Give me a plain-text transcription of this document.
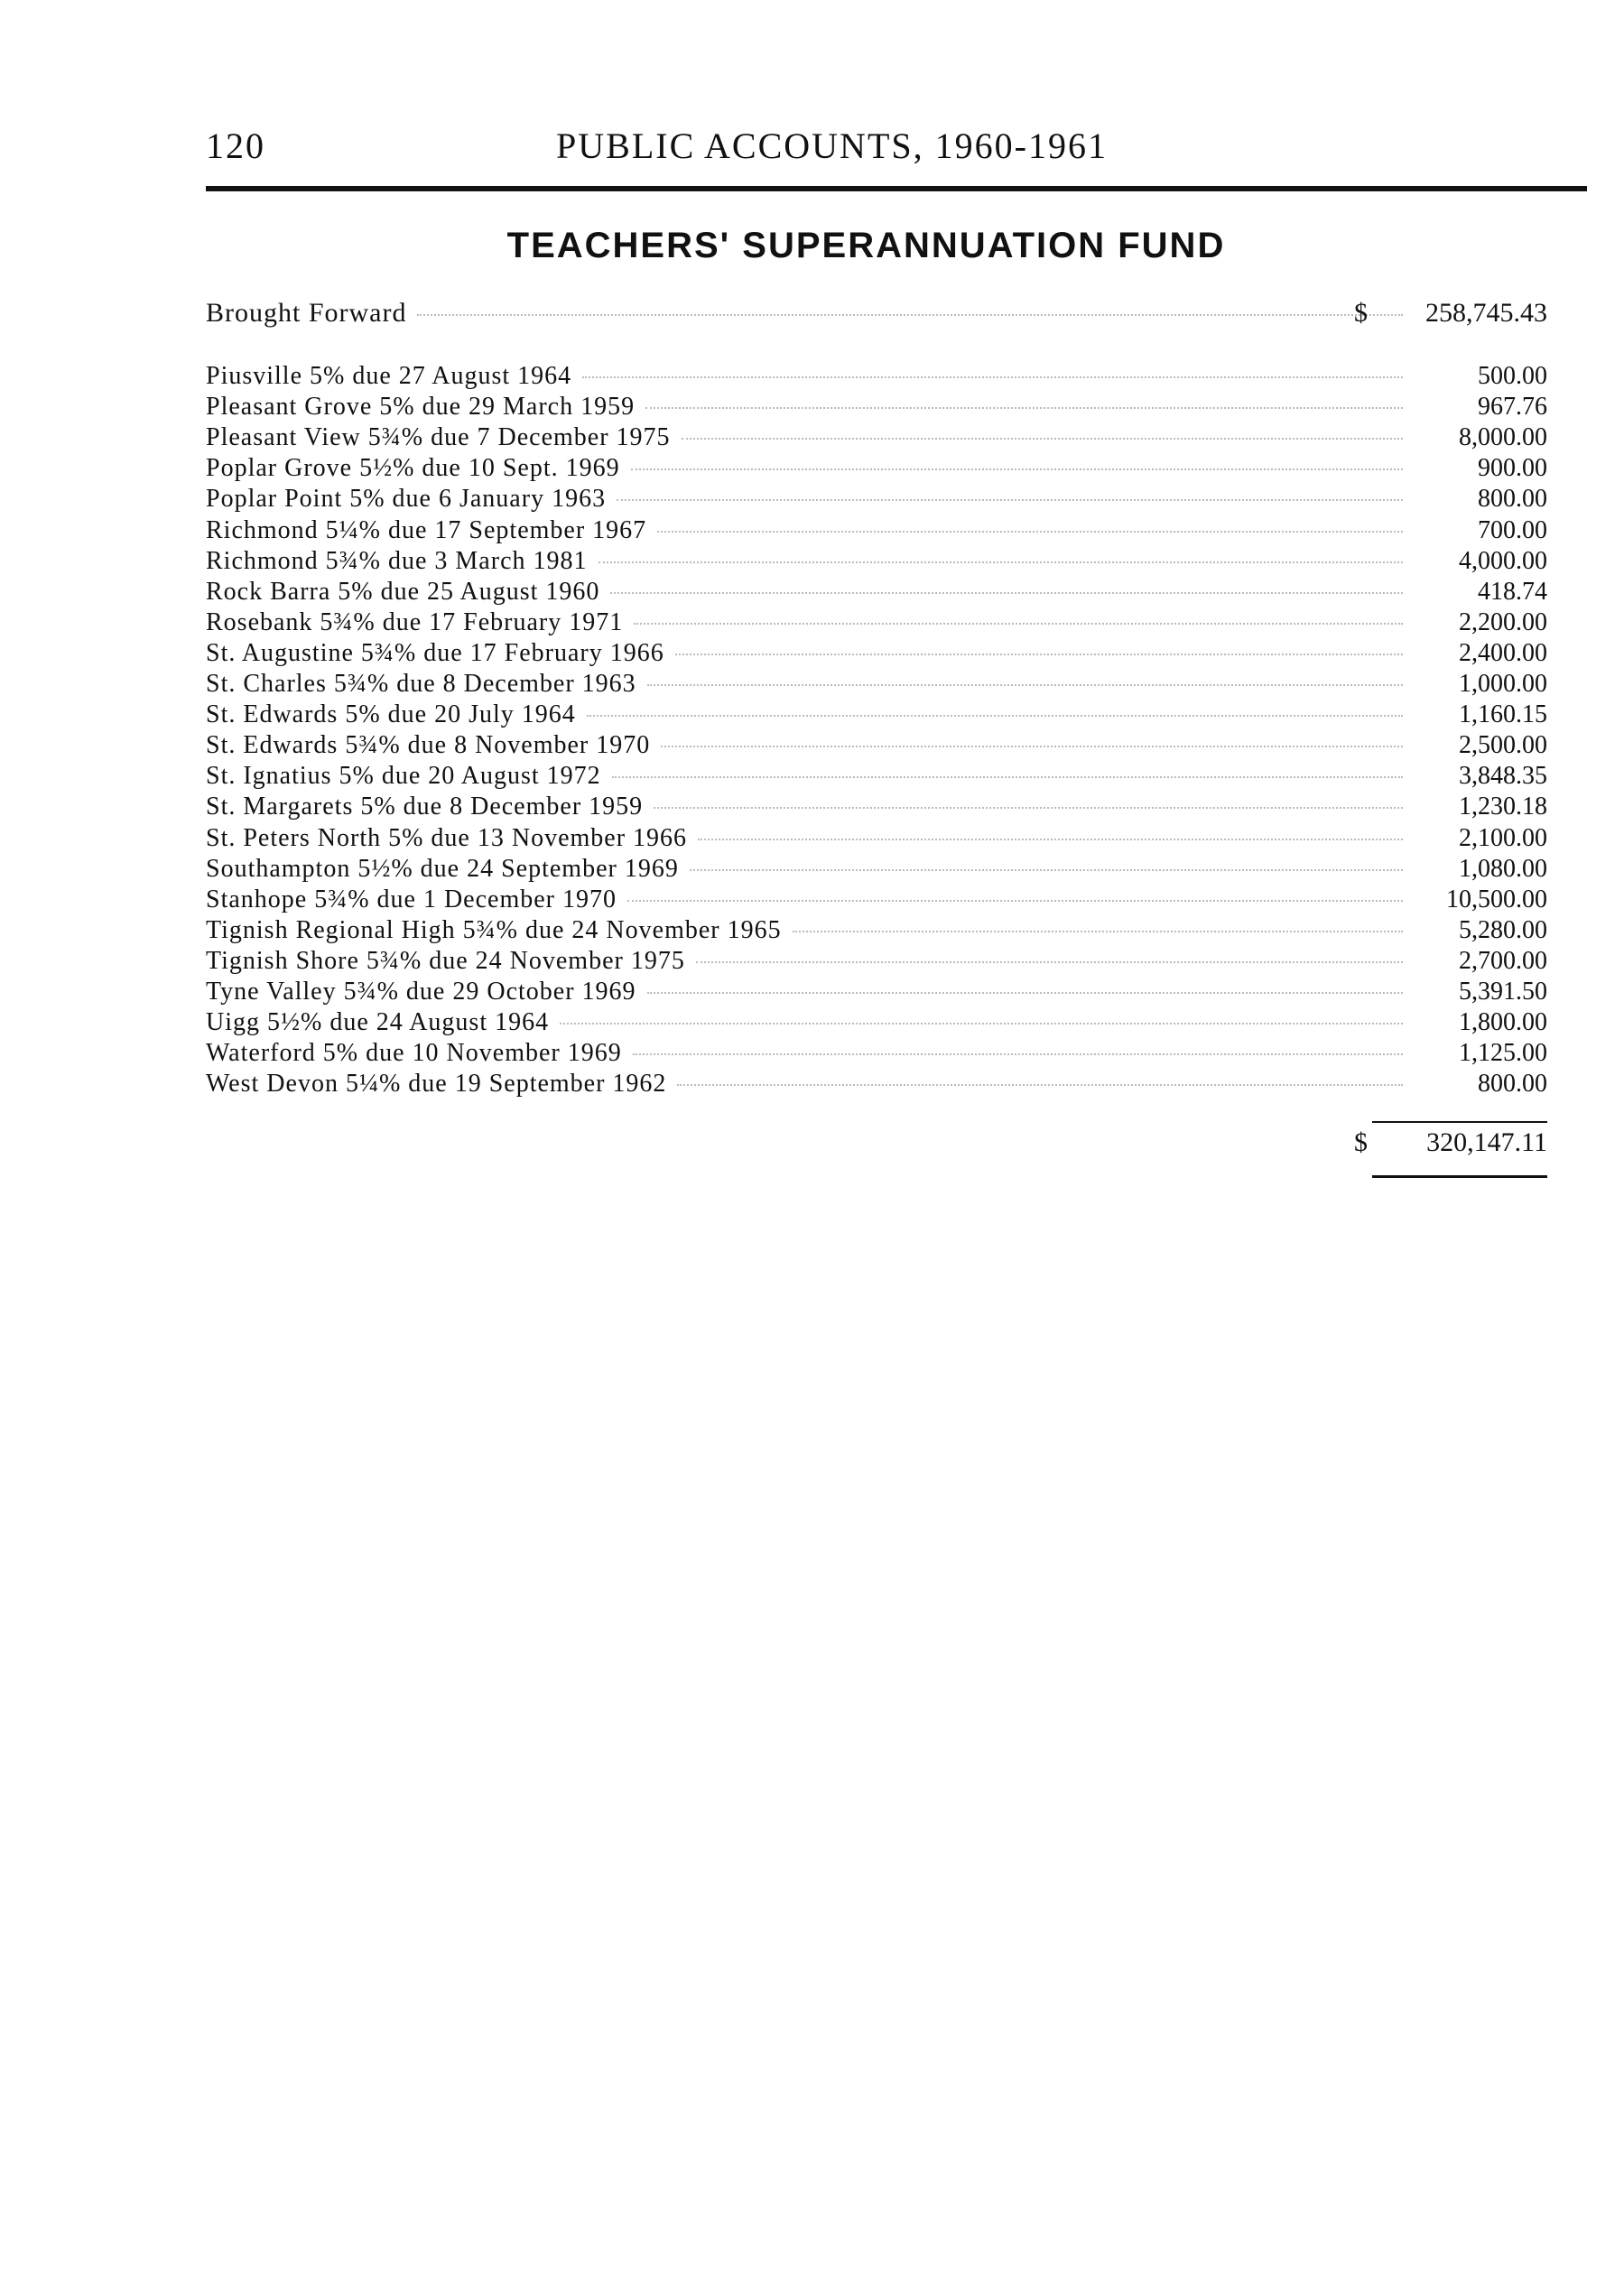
120	PUBLIC ACCOUNTS, 1960-1961
TEACHERS' SUPERANNUATION FUND
Brought Forward	$	258,745.43
Piusville 5% due 27 August 1964	500.00
Pleasant Grove 5% due 29 March 1959	967.76
Pleasant View 5¾% due 7 December 1975	8,000.00
Poplar Grove 5½% due 10 Sept. 1969	900.00
Poplar Point 5% due 6 January 1963	800.00
Richmond 5¼% due 17 September 1967	700.00
Richmond 5¾% due 3 March 1981	4,000.00
Rock Barra 5% due 25 August 1960	418.74
Rosebank 5¾% due 17 February 1971	2,200.00
St. Augustine 5¾% due 17 February 1966	2,400.00
St. Charles 5¾% due 8 December 1963	1,000.00
St. Edwards 5% due 20 July 1964	1,160.15
St. Edwards 5¾% due 8 November 1970	2,500.00
St. Ignatius 5% due 20 August 1972	3,848.35
St. Margarets 5% due 8 December 1959	1,230.18
St. Peters North 5% due 13 November 1966	2,100.00
Southampton 5½% due 24 September 1969	1,080.00
Stanhope 5¾% due 1 December 1970	10,500.00
Tignish Regional High 5¾% due 24 November 1965	5,280.00
Tignish Shore 5¾% due 24 November 1975	2,700.00
Tyne Valley 5¾% due 29 October 1969	5,391.50
Uigg 5½% due 24 August 1964	1,800.00
Waterford 5% due 10 November 1969	1,125.00
West Devon 5¼% due 19 September 1962	800.00
$ 320,147.11
